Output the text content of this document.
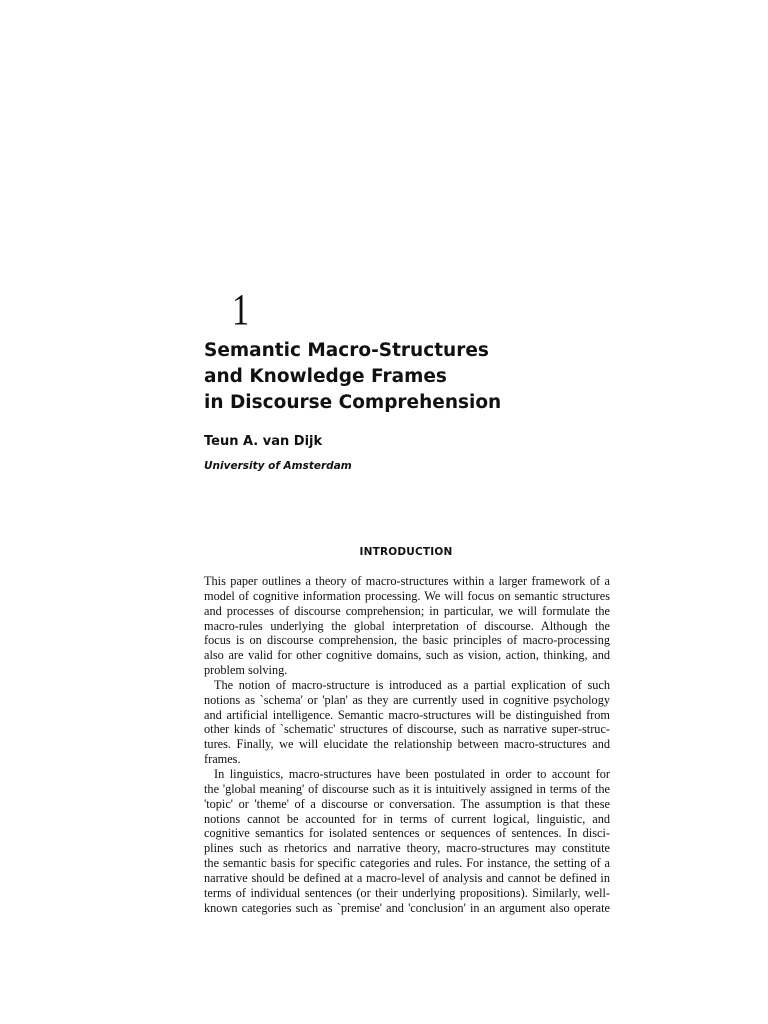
1
Semantic Macro-Structures
and Knowledge Frames
in Discourse Comprehension
Teun A. van Dijk
University of Amsterdam
INTRODUCTION
This paper outlines a theory of macro-structures within a larger framework of a
model of cognitive information processing. We will focus on semantic structures
and processes of discourse comprehension; in particular, we will formulate the
macro-rules underlying the global interpretation of discourse. Although the
focus is on discourse comprehension, the basic principles of macro-processing
also are valid for other cognitive domains, such as vision, action, thinking, and
problem solving.
The notion of macro-structure is introduced as a partial explication of such
notions as `schema' or 'plan' as they are currently used in cognitive psychology
and artificial intelligence. Semantic macro-structures will be distinguished from
other kinds of `schematic' structures of discourse, such as narrative super-struc-
tures. Finally, we will elucidate the relationship between macro-structures and
frames.
In linguistics, macro-structures have been postulated in order to account for
the 'global meaning' of discourse such as it is intuitively assigned in terms of the
'topic' or 'theme' of a discourse or conversation. The assumption is that these
notions cannot be accounted for in terms of current logical, linguistic, and
cognitive semantics for isolated sentences or sequences of sentences. In disci-
plines such as rhetorics and narrative theory, macro-structures may constitute
the semantic basis for specific categories and rules. For instance, the setting of a
narrative should be defined at a macro-level of analysis and cannot be defined in
terms of individual sentences (or their underlying propositions). Similarly, well-
known categories such as `premise' and 'conclusion' in an argument also operate
